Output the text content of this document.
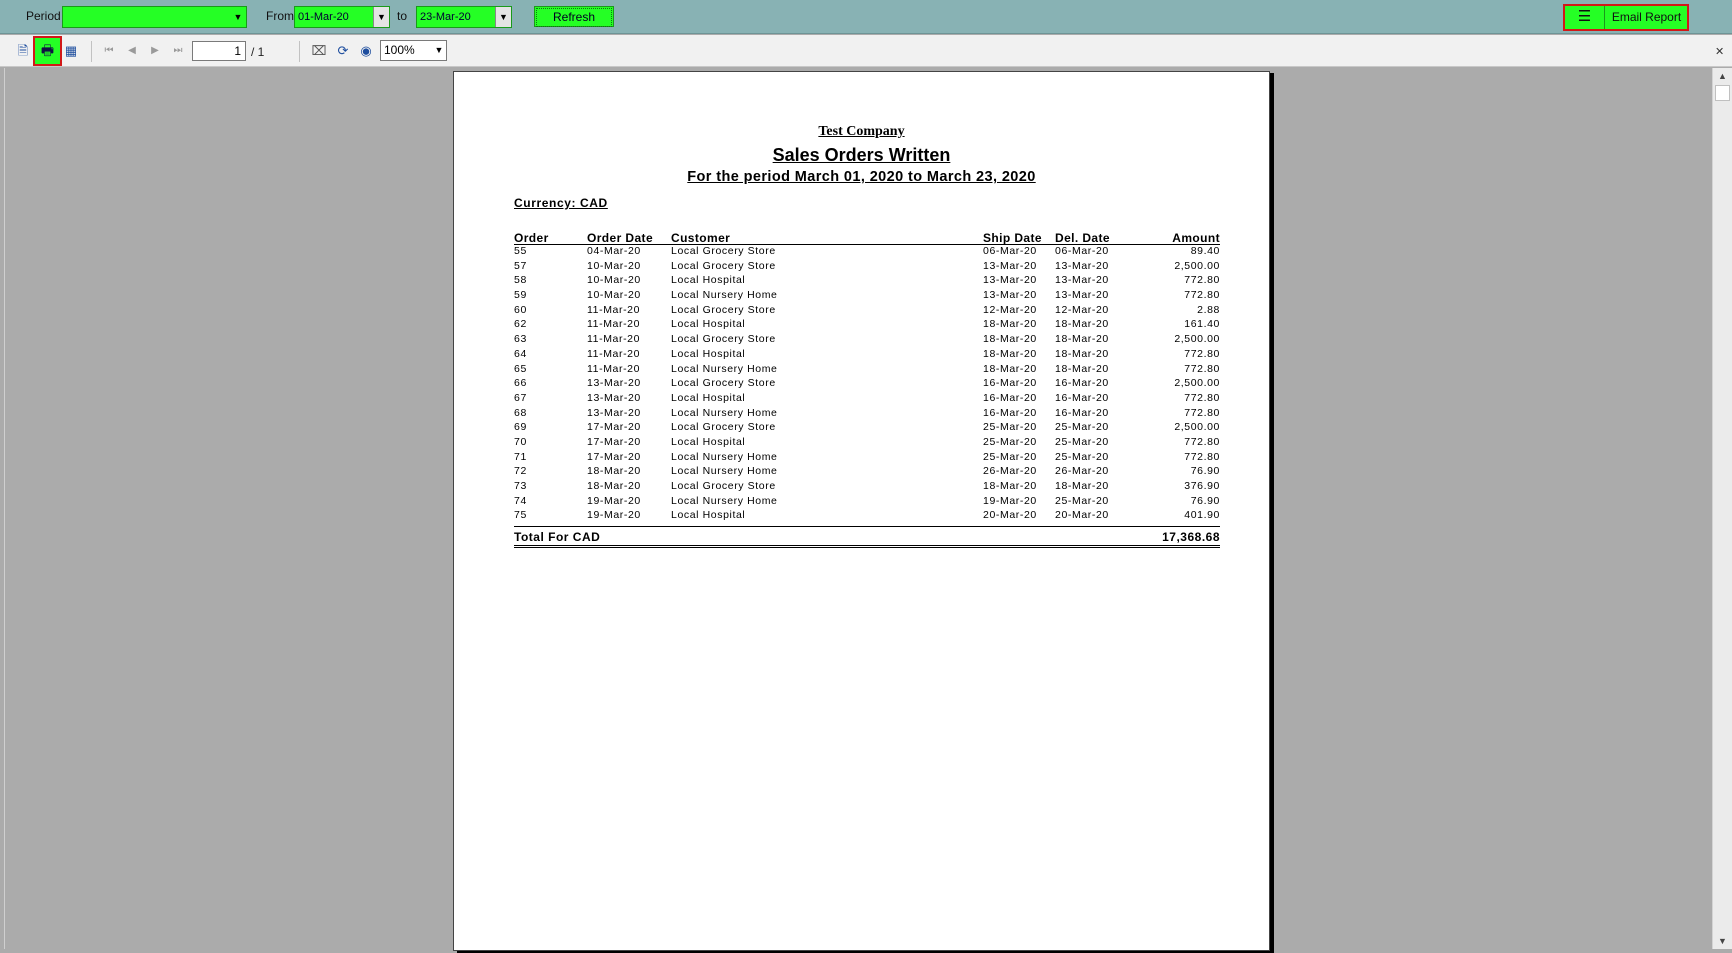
Period	▼ From 01-Mar-20	▼ to	23-Mar-20	▼	Refresh	☰	Email Report
🗎 🖶 ▦	⏮	◀	▶	⏭	1 / 1	⌧ ⟳ ◉	100% ▼	✕
Test Company
Sales Orders Written
For the period March 01, 2020 to March 23, 2020
Currency: CAD
Order	Order Date Customer	Ship Date Del. Date	Amount
55	04-Mar-20	Local Grocery Store	06-Mar-20 06-Mar-20	89.40
57	10-Mar-20	Local Grocery Store	13-Mar-20 13-Mar-20	2,500.00
58	10-Mar-20	Local Hospital	13-Mar-20 13-Mar-20	772.80
59	10-Mar-20	Local Nursery Home	13-Mar-20 13-Mar-20	772.80
60	11-Mar-20	Local Grocery Store	12-Mar-20 12-Mar-20	2.88
62	11-Mar-20	Local Hospital	18-Mar-20 18-Mar-20	161.40
63	11-Mar-20	Local Grocery Store	18-Mar-20 18-Mar-20	2,500.00
64	11-Mar-20	Local Hospital	18-Mar-20 18-Mar-20	772.80
65	11-Mar-20	Local Nursery Home	18-Mar-20 18-Mar-20	772.80
66	13-Mar-20	Local Grocery Store	16-Mar-20 16-Mar-20	2,500.00
67	13-Mar-20	Local Hospital	16-Mar-20 16-Mar-20	772.80
68	13-Mar-20	Local Nursery Home	16-Mar-20 16-Mar-20	772.80
69	17-Mar-20	Local Grocery Store	25-Mar-20 25-Mar-20	2,500.00
70	17-Mar-20	Local Hospital	25-Mar-20 25-Mar-20	772.80
71	17-Mar-20	Local Nursery Home	25-Mar-20 25-Mar-20	772.80
72	18-Mar-20	Local Nursery Home	26-Mar-20 26-Mar-20	76.90
73	18-Mar-20	Local Grocery Store	18-Mar-20 18-Mar-20	376.90
74	19-Mar-20	Local Nursery Home	19-Mar-20 25-Mar-20	76.90
75	19-Mar-20	Local Hospital	20-Mar-20 20-Mar-20	401.90
Total For CAD	17,368.68
▲
▼
